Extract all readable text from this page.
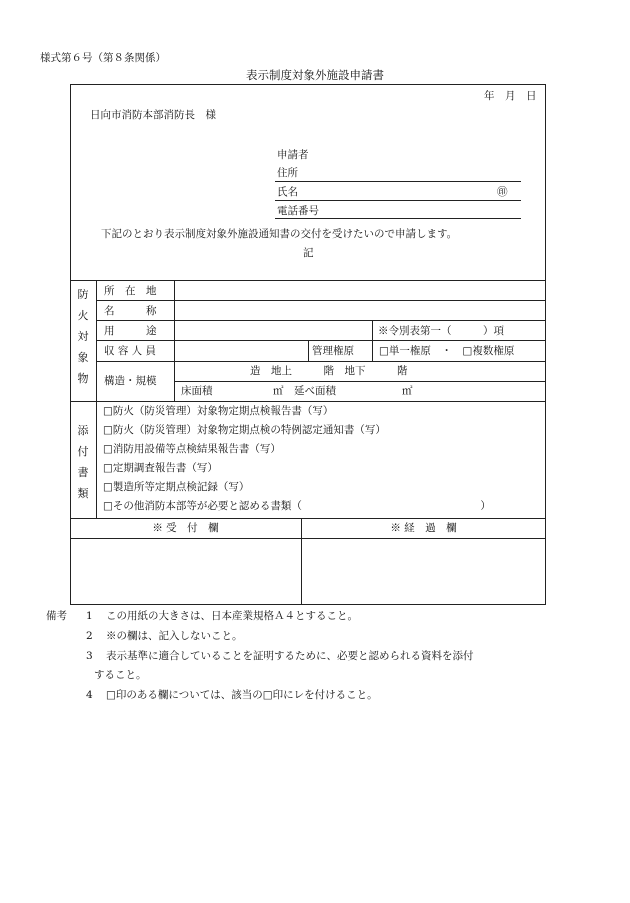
様式第６号（第８条関係）
表示制度対象外施設申請書
年　月　日
日向市消防本部消防長　様
申請者
住所
氏名	㊞
電話番号
下記のとおり表示制度対象外施設通知書の交付を受けたいので申請します。
記
防
火
対
象
物
所　在　地
名　　　称
用　　　途	※令別表第一（　　　）項
収 容 人 員	管理権原 □単一権原　・　□複数権原
構造・規模
造　地上　　　階　地下　　　階
床面積	㎡ 延べ面積	㎡
添
付
書
類
□防火（防災管理）対象物定期点検報告書（写）
□防火（防災管理）対象物定期点検の特例認定通知書（写）
□消防用設備等点検結果報告書（写）
□定期調査報告書（写）
□製造所等定期点検記録（写）
□その他消防本部等が必要と認める書類（　　　　　　　　　　　　　　　　　）
※ 受　付　欄	※ 経　過　欄
備考 1 この用紙の大きさは、日本産業規格Ａ４とすること。
2 ※の欄は、記入しないこと。
3 表示基準に適合していることを証明するために、必要と認められる資料を添付
すること。
4 □印のある欄については、該当の□印にレを付けること。
